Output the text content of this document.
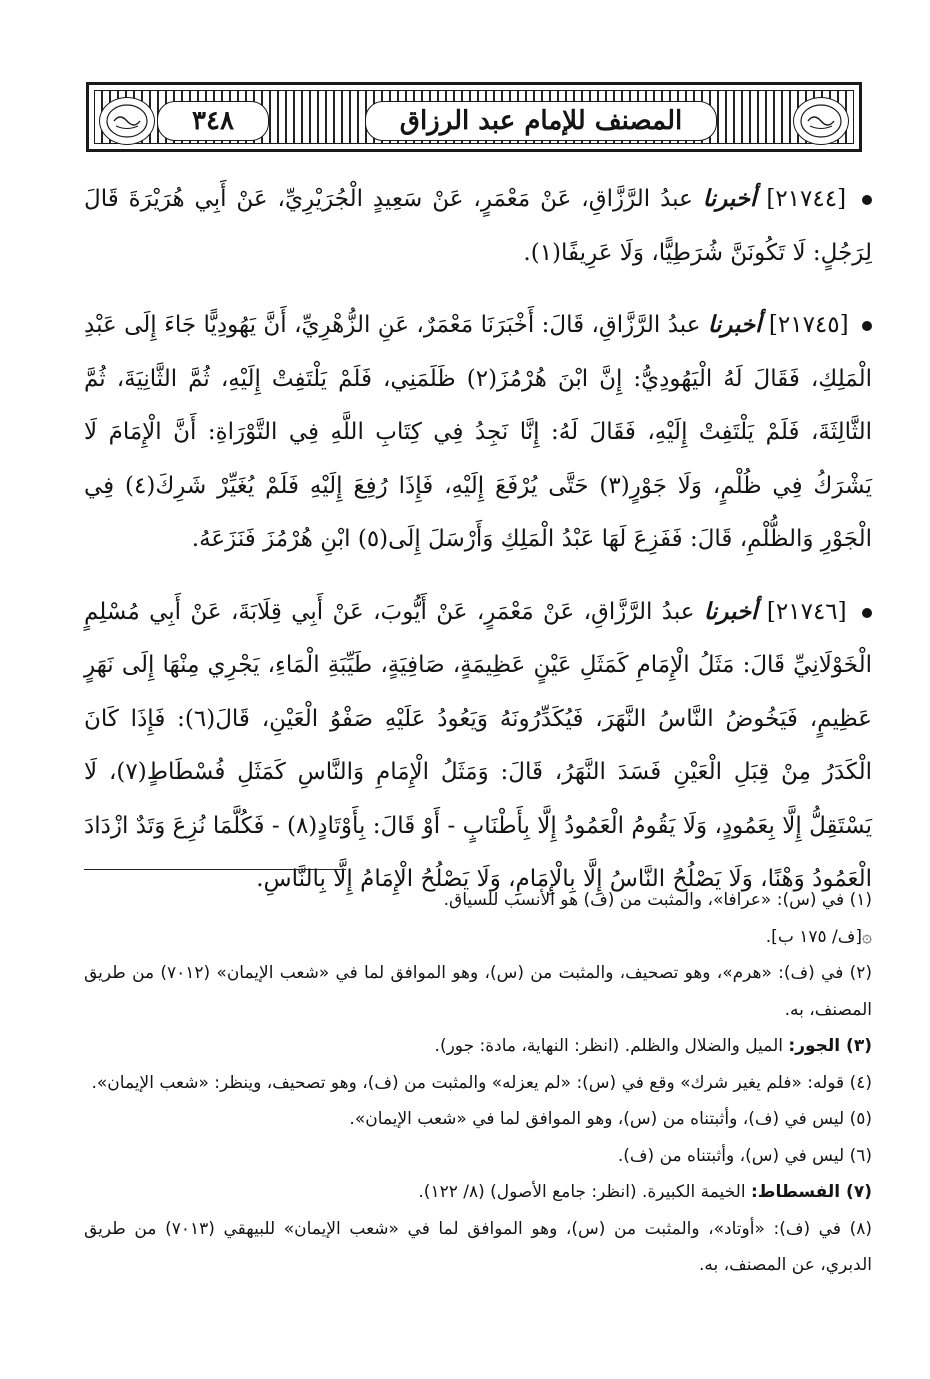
٣٤٨	المصنف للإمام عبد الرزاق

[٢١٧٤٤] أخبرنا عبدُ الرَّزَّاقِ، عَنْ مَعْمَرٍ، عَنْ سَعِيدٍ الْجُرَيْرِيِّ، عَنْ أَبِي هُرَيْرَةَ قَالَ لِرَجُلٍ: لَا تَكُونَنَّ شُرَطِيًّا، وَلَا عَرِيفًا(١).

[٢١٧٤٥] أخبرنا عبدُ الرَّزَّاقِ، قَالَ: أَخْبَرَنَا مَعْمَرٌ، عَنِ الزُّهْرِيِّ، أَنَّ يَهُودِيًّا جَاءَ إِلَى عَبْدِ الْمَلِكِ، فَقَالَ لَهُ الْيَهُودِيُّ: إِنَّ ابْنَ هُرْمُزَ(٢) ظَلَمَنِي، فَلَمْ يَلْتَفِتْ إِلَيْهِ، ثُمَّ الثَّانِيَةَ، ثُمَّ الثَّالِثَةَ، فَلَمْ يَلْتَفِتْ إِلَيْهِ، فَقَالَ لَهُ: إِنَّا نَجِدُ فِي كِتَابِ اللَّهِ فِي التَّوْرَاةِ: أَنَّ الْإِمَامَ لَا يَشْرَكُ فِي ظُلْمٍ، وَلَا جَوْرٍ(٣) حَتَّى يُرْفَعَ إِلَيْهِ، فَإِذَا رُفِعَ إِلَيْهِ فَلَمْ يُغَيِّرْ شَرِكَ(٤) فِي الْجَوْرِ وَالظُّلْمِ، قَالَ: فَفَزِعَ لَهَا عَبْدُ الْمَلِكِ وَأَرْسَلَ إِلَى(٥) ابْنِ هُرْمُزَ فَنَزَعَهُ.

[٢١٧٤٦] أخبرنا عبدُ الرَّزَّاقِ، عَنْ مَعْمَرٍ، عَنْ أَيُّوبَ، عَنْ أَبِي قِلَابَةَ، عَنْ أَبِي مُسْلِمٍ الْخَوْلَانِيِّ قَالَ: مَثَلُ الْإِمَامِ كَمَثَلِ عَيْنٍ عَظِيمَةٍ، صَافِيَةٍ، طَيِّبَةِ الْمَاءِ، يَجْرِي مِنْهَا إِلَى نَهَرٍ عَظِيمٍ، فَيَخُوضُ النَّاسُ النَّهَرَ، فَيُكَدِّرُونَهُ وَيَعُودُ عَلَيْهِ صَفْوُ الْعَيْنِ، قَالَ(٦): فَإِذَا كَانَ الْكَدَرُ مِنْ قِبَلِ الْعَيْنِ فَسَدَ النَّهَرُ، قَالَ: وَمَثَلُ الْإِمَامِ وَالنَّاسِ كَمَثَلِ فُسْطَاطٍ(٧)، لَا يَسْتَقِلُّ إِلَّا بِعَمُودٍ، وَلَا يَقُومُ الْعَمُودُ إِلَّا بِأَطْنَابٍ - أَوْ قَالَ: بِأَوْتَادٍ(٨) - فَكُلَّمَا نُزِعَ وَتَدٌ ازْدَادَ الْعَمُودُ وَهْنًا، وَلَا يَصْلُحُ النَّاسُ إِلَّا بِالْإِمَامِ، وَلَا يَصْلُحُ الْإِمَامُ إِلَّا بِالنَّاسِ.

(١) في (س): «عرافا»، والمثبت من (ف) هو الأنسب للسياق.

۞[ف/ ١٧٥ ب].

(٢) في (ف): «هرم»، وهو تصحيف، والمثبت من (س)، وهو الموافق لما في «شعب الإيمان» (٧٠١٢) من طريق المصنف، به.

(٣) الجور: الميل والضلال والظلم. (انظر: النهاية، مادة: جور).

(٤) قوله: «فلم يغير شرك» وقع في (س): «لم يعزله» والمثبت من (ف)، وهو تصحيف، وينظر: «شعب الإيمان».

(٥) ليس في (ف)، وأثبتناه من (س)، وهو الموافق لما في «شعب الإيمان».

(٦) ليس في (س)، وأثبتناه من (ف).

(٧) الفسطاط: الخيمة الكبيرة. (انظر: جامع الأصول) (٨/ ١٢٢).

(٨) في (ف): «أوتاد»، والمثبت من (س)، وهو الموافق لما في «شعب الإيمان» للبيهقي (٧٠١٣) من طريق الدبري، عن المصنف، به.
